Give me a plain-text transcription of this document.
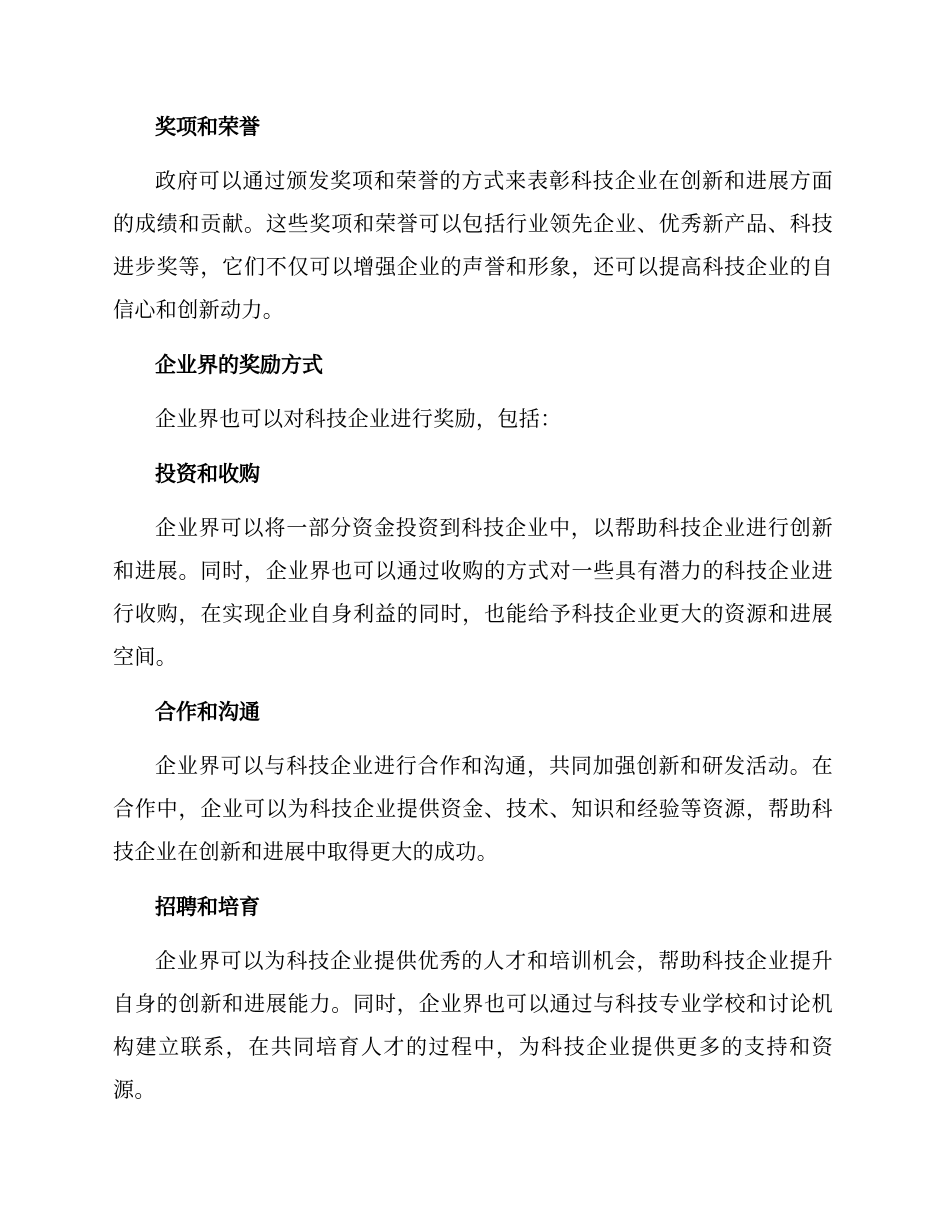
奖项和荣誉

政府可以通过颁发奖项和荣誉的方式来表彰科技企业在创新和进展方面的成绩和贡献。这些奖项和荣誉可以包括行业领先企业、优秀新产品、科技进步奖等，它们不仅可以增强企业的声誉和形象，还可以提高科技企业的自信心和创新动力。

企业界的奖励方式

企业界也可以对科技企业进行奖励，包括：

投资和收购

企业界可以将一部分资金投资到科技企业中，以帮助科技企业进行创新和进展。同时，企业界也可以通过收购的方式对一些具有潜力的科技企业进行收购，在实现企业自身利益的同时，也能给予科技企业更大的资源和进展空间。

合作和沟通

企业界可以与科技企业进行合作和沟通，共同加强创新和研发活动。在合作中，企业可以为科技企业提供资金、技术、知识和经验等资源，帮助科技企业在创新和进展中取得更大的成功。

招聘和培育

企业界可以为科技企业提供优秀的人才和培训机会，帮助科技企业提升自身的创新和进展能力。同时，企业界也可以通过与科技专业学校和讨论机构建立联系，在共同培育人才的过程中，为科技企业提供更多的支持和资源。
